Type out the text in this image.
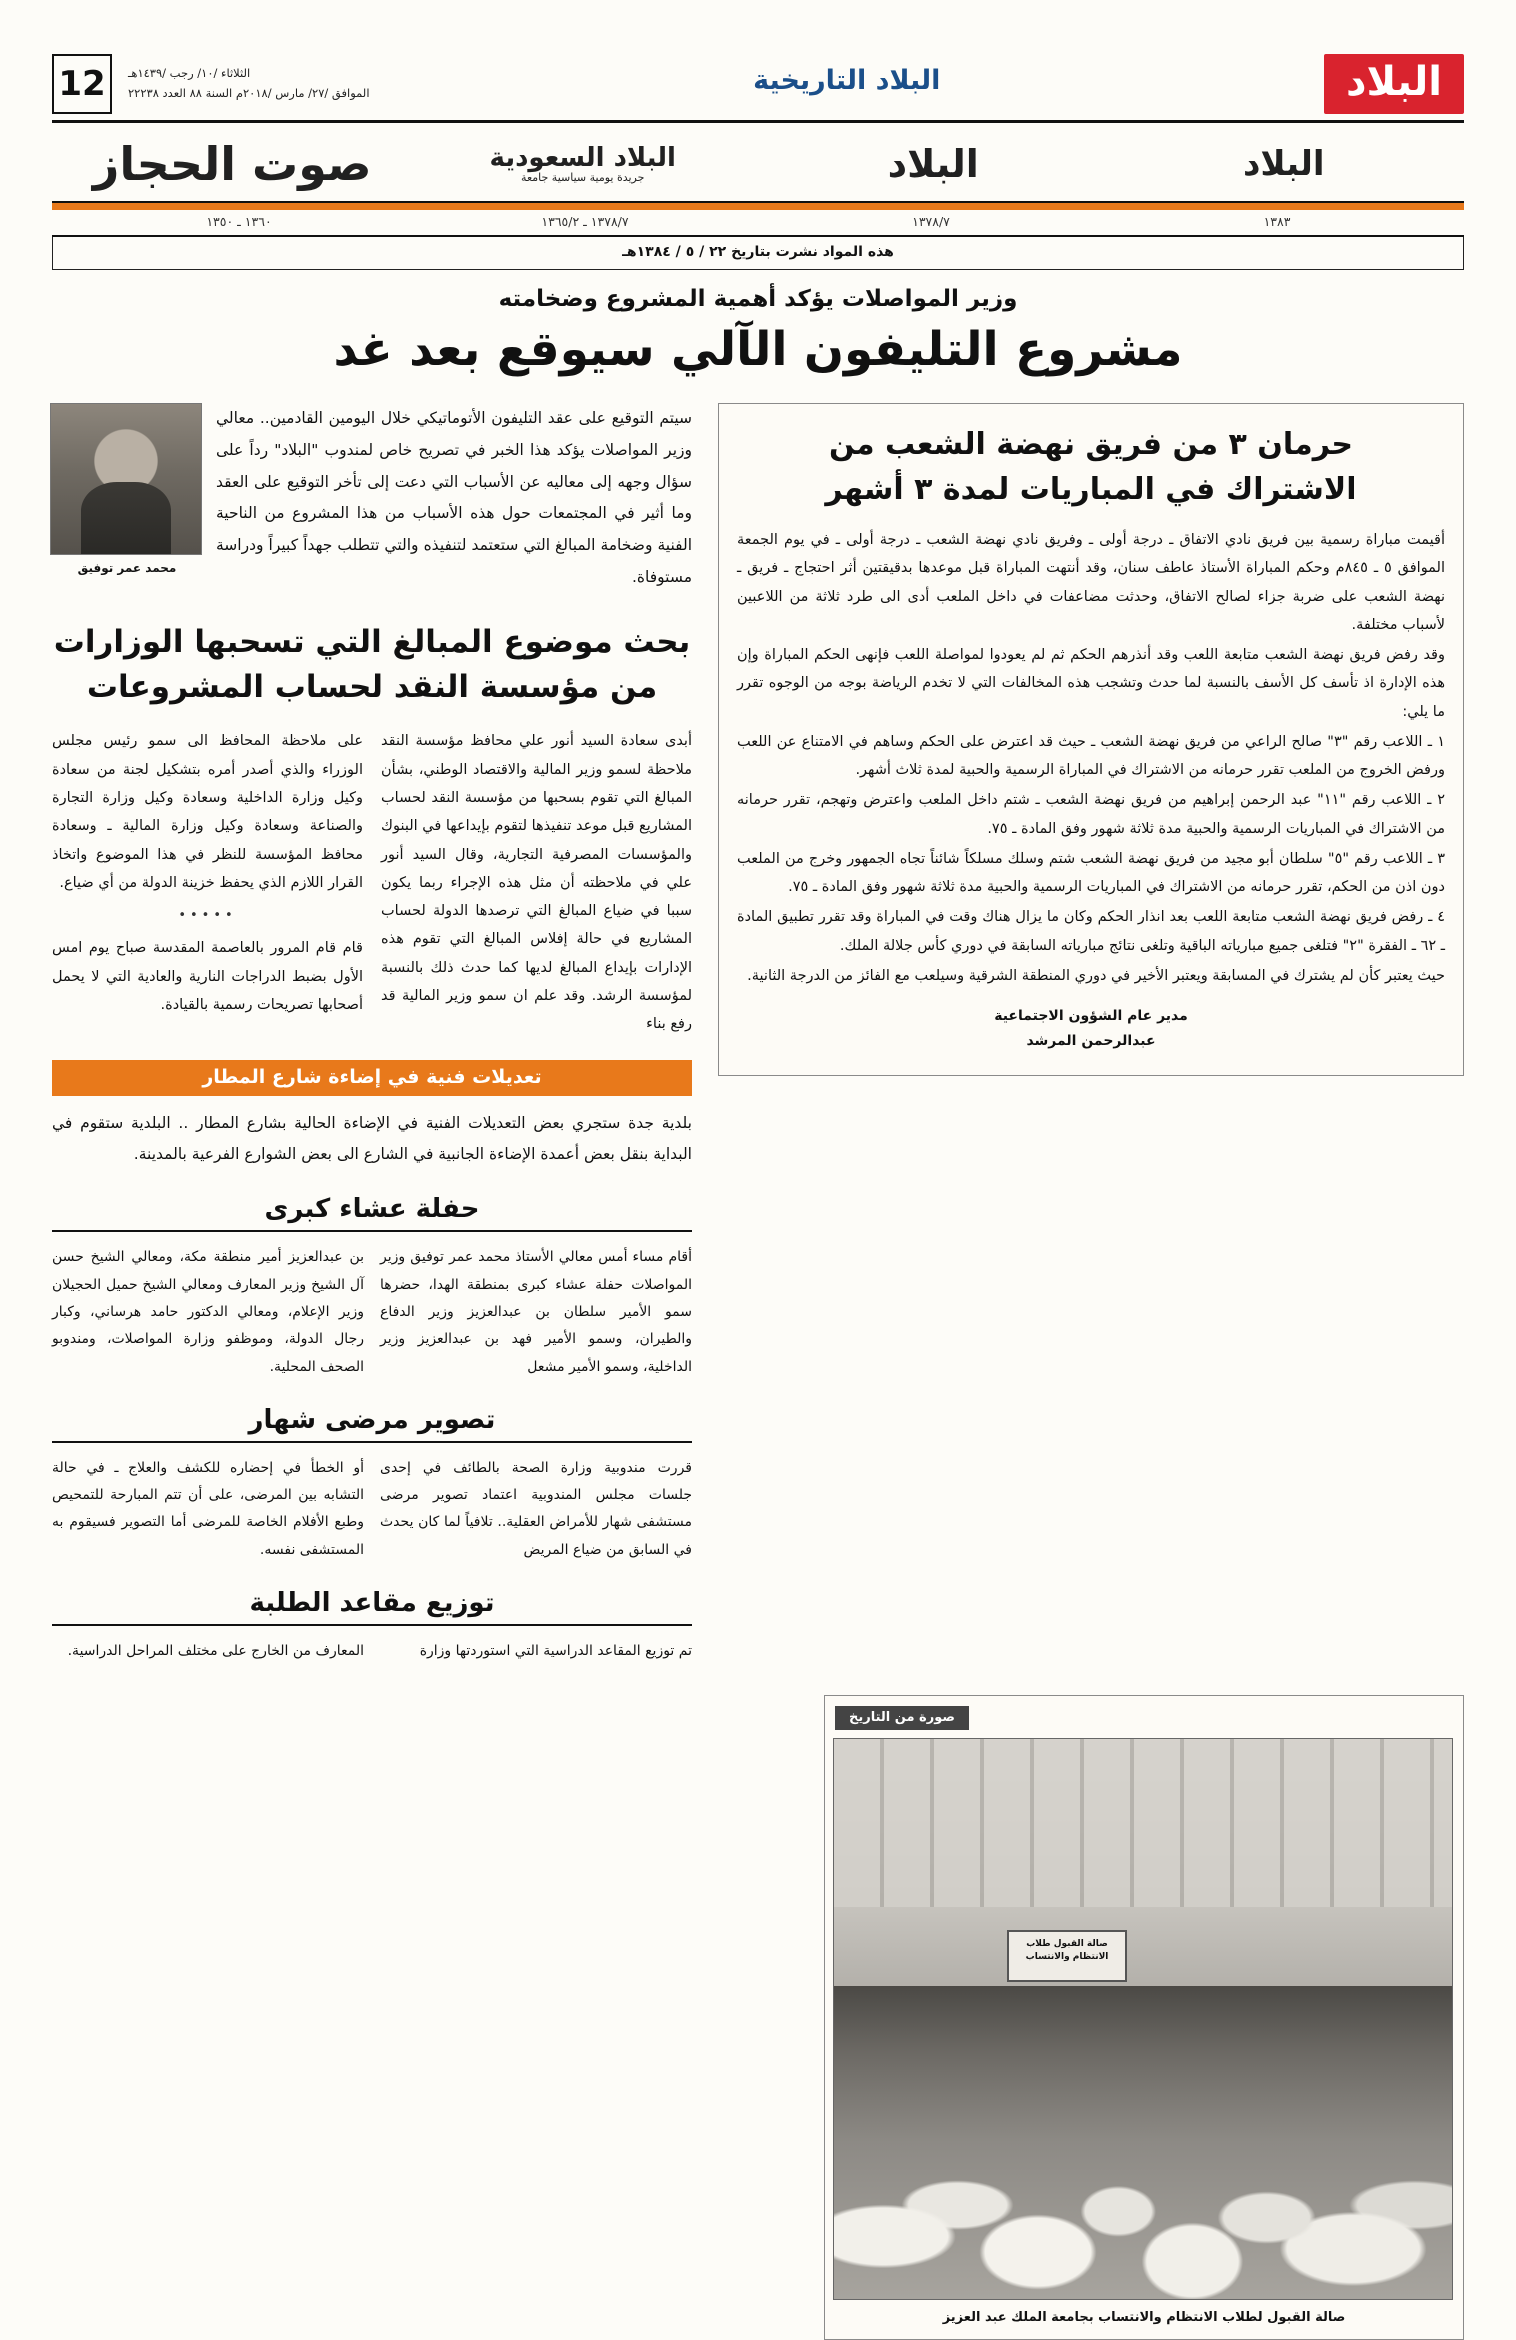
البلاد
البلاد التاريخية
الثلاثاء /١٠/ رجب /١٤٣٩هـ
الموافق /٢٧/ مارس /٢٠١٨م السنة ٨٨ العدد ٢٢٢٣٨
12
البلاد
البلاد
البلاد السعودية
جريدة يومية سياسية جامعة
صوت الحجاز
١٣٨٣
١٣٧٨/٧
١٣٧٨/٧ ـ ١٣٦٥/٢
١٣٦٠ ـ ١٣٥٠
هذه المواد نشرت بتاريخ ٢٢ / ٥ / ١٣٨٤هـ
وزير المواصلات يؤكد أهمية المشروع وضخامته
مشروع التليفون الآلي سيوقع بعد غد
حرمان ٣ من فريق نهضة الشعب من
الاشتراك في المباريات لمدة ٣ أشهر

أقيمت مباراة رسمية بين فريق نادي الاتفاق ـ درجة أولى ـ وفريق نادي نهضة الشعب ـ درجة أولى ـ في يوم الجمعة الموافق ٥ ـ ٨٤٥م وحكم المباراة الأستاذ عاطف سنان، وقد أنتهت المباراة قبل موعدها بدقيقتين أثر احتجاج ـ فريق ـ نهضة الشعب على ضربة جزاء لصالح الاتفاق، وحدثت مضاعفات في داخل الملعب أدى الى طرد ثلاثة من اللاعبين لأسباب مختلفة.

وقد رفض فريق نهضة الشعب متابعة اللعب وقد أنذرهم الحكم ثم لم يعودوا لمواصلة اللعب فإنهى الحكم المباراة وإن هذه الإدارة اذ تأسف كل الأسف بالنسبة لما حدث وتشجب هذه المخالفات التي لا تخدم الرياضة بوجه من الوجوه تقرر ما يلي:

١ ـ اللاعب رقم "٣" صالح الراعي من فريق نهضة الشعب ـ حيث قد اعترض على الحكم وساهم في الامتناع عن اللعب ورفض الخروج من الملعب تقرر حرمانه من الاشتراك في المباراة الرسمية والحبية لمدة ثلاث أشهر.

٢ ـ اللاعب رقم "١١" عبد الرحمن إبراهيم من فريق نهضة الشعب ـ شتم داخل الملعب واعترض وتهجم، تقرر حرمانه من الاشتراك في المباريات الرسمية والحبية مدة ثلاثة شهور وفق المادة ـ ٧٥.

٣ ـ اللاعب رقم "٥" سلطان أبو مجيد من فريق نهضة الشعب شتم وسلك مسلكاً شائناً تجاه الجمهور وخرج من الملعب دون اذن من الحكم، تقرر حرمانه من الاشتراك في المباريات الرسمية والحبية مدة ثلاثة شهور وفق المادة ـ ٧٥.

٤ ـ رفض فريق نهضة الشعب متابعة اللعب بعد انذار الحكم وكان ما يزال هناك وقت في المباراة وقد تقرر تطبيق المادة ـ ٦٢ ـ الفقرة "٢" فتلغى جميع مبارياته الباقية وتلغى نتائج مبارياته السابقة في دوري كأس جلالة الملك.

حيث يعتبر كأن لم يشترك في المسابقة ويعتبر الأخير في دوري المنطقة الشرقية وسيلعب مع الفائز من الدرجة الثانية.

مدير عام الشؤون الاجتماعية
عبدالرحمن المرشد
سيتم التوقيع على عقد التليفون الأتوماتيكي خلال اليومين القادمين.. معالي وزير المواصلات يؤكد هذا الخبر في تصريح خاص لمندوب "البلاد" رداً على سؤال وجهه إلى معاليه عن الأسباب التي دعت إلى تأخر التوقيع على العقد وما أثير في المجتمعات حول هذه الأسباب من هذا المشروع من الناحية الفنية وضخامة المبالغ التي ستعتمد لتنفيذه والتي تتطلب جهداً كبيراً ودراسة مستوفاة.
محمد عمر توفيق
بحث موضوع المبالغ التي تسحبها الوزارات
من مؤسسة النقد لحساب المشروعات
أبدى سعادة السيد أنور علي محافظ مؤسسة النقد ملاحظة لسمو وزير المالية والاقتصاد الوطني، بشأن المبالغ التي تقوم بسحبها من مؤسسة النقد لحساب المشاريع قبل موعد تنفيذها لتقوم بإيداعها في البنوك والمؤسسات المصرفية التجارية، وقال السيد أنور علي في ملاحظته أن مثل هذه الإجراء ربما يكون سببا في ضياع المبالغ التي ترصدها الدولة لحساب المشاريع في حالة إفلاس المبالغ التي تقوم هذه الإدارات بإيداع المبالغ لديها كما حدث ذلك بالنسبة لمؤسسة الرشد. وقد علم ان سمو وزير المالية قد رفع بناء
على ملاحظة المحافظ الى سمو رئيس مجلس الوزراء والذي أصدر أمره بتشكيل لجنة من سعادة وكيل وزارة الداخلية وسعادة وكيل وزارة التجارة والصناعة وسعادة وكيل وزارة المالية ـ وسعادة محافظ المؤسسة للنظر في هذا الموضوع واتخاذ القرار اللازم الذي يحفظ خزينة الدولة من أي ضياع.
•••••
قام قام المرور بالعاصمة المقدسة صباح يوم امس الأول بضبط الدراجات النارية والعادية التي لا يحمل أصحابها تصريحات رسمية بالقيادة.
تعديلات فنية في إضاءة شارع المطار
بلدية جدة ستجري بعض التعديلات الفنية في الإضاءة الحالية بشارع المطار .. البلدية ستقوم في البداية بنقل بعض أعمدة الإضاءة الجانبية في الشارع الى بعض الشوارع الفرعية بالمدينة.
حفلة عشاء كبرى
أقام مساء أمس معالي الأستاذ محمد عمر توفيق وزير المواصلات حفلة عشاء كبرى بمنطقة الهدا، حضرها سمو الأمير سلطان بن عبدالعزيز وزير الدفاع والطيران، وسمو الأمير فهد بن عبدالعزيز وزير الداخلية، وسمو الأمير مشعل
بن عبدالعزيز أمير منطقة مكة، ومعالي الشيخ حسن آل الشيخ وزير المعارف ومعالي الشيخ حميل الحجيلان وزير الإعلام، ومعالي الدكتور حامد هرساني، وكبار رجال الدولة، وموظفو وزارة المواصلات، ومندوبو الصحف المحلية.
تصوير مرضى شهار
قررت مندوبية وزارة الصحة بالطائف في إحدى جلسات مجلس المندوبية اعتماد تصوير مرضى مستشفى شهار للأمراض العقلية.. تلافياً لما كان يحدث في السابق من ضياع المريض
أو الخطأ في إحضاره للكشف والعلاج ـ في حالة التشابه بين المرضى، على أن تتم المبارحة للتمحيص وطبع الأفلام الخاصة للمرضى أما التصوير فسيقوم به المستشفى نفسه.
توزيع مقاعد الطلبة
تم توزيع المقاعد الدراسية التي استوردتها وزارة
المعارف من الخارج على مختلف المراحل الدراسية.
صورة من التاريخ
صالة القبول طلاب الانتظام والانتساب
صالة القبول لطلاب الانتظام والانتساب بجامعة الملك عبد العزيز
